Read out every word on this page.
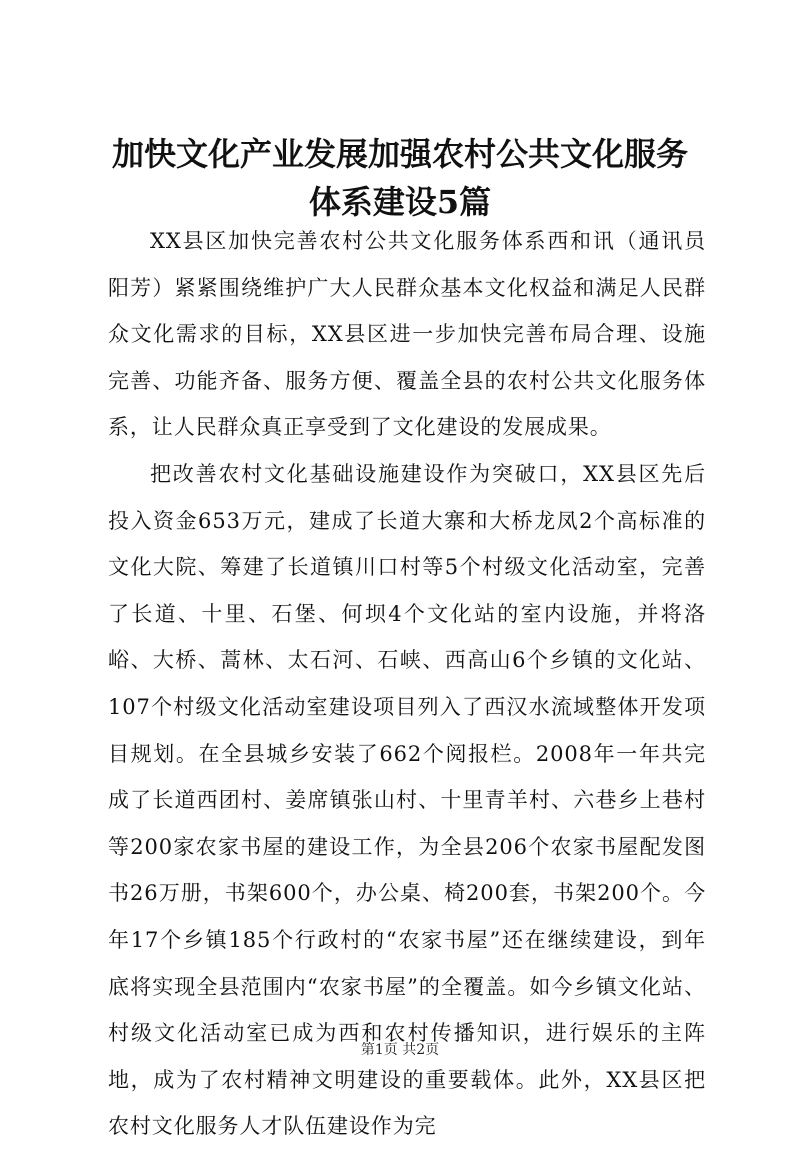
加快文化产业发展加强农村公共文化服务体系建设5篇

XX县区加快完善农村公共文化服务体系西和讯（通讯员阳芳）紧紧围绕维护广大人民群众基本文化权益和满足人民群众文化需求的目标，XX县区进一步加快完善布局合理、设施完善、功能齐备、服务方便、覆盖全县的农村公共文化服务体系，让人民群众真正享受到了文化建设的发展成果。

把改善农村文化基础设施建设作为突破口，XX县区先后投入资金653万元，建成了长道大寨和大桥龙凤2个高标准的文化大院、筹建了长道镇川口村等5个村级文化活动室，完善了长道、十里、石堡、何坝4个文化站的室内设施，并将洛峪、大桥、蒿林、太石河、石峡、西高山6个乡镇的文化站、107个村级文化活动室建设项目列入了西汉水流域整体开发项目规划。在全县城乡安装了662个阅报栏。2008年一年共完成了长道西团村、姜席镇张山村、十里青羊村、六巷乡上巷村等200家农家书屋的建设工作，为全县206个农家书屋配发图书26万册，书架600个，办公桌、椅200套，书架200个。今年17个乡镇185个行政村的“农家书屋”还在继续建设，到年底将实现全县范围内“农家书屋”的全覆盖。如今乡镇文化站、村级文化活动室已成为西和农村传播知识，进行娱乐的主阵地，成为了农村精神文明建设的重要载体。此外，XX县区把农村文化服务人才队伍建设作为完

第1页 共2页
